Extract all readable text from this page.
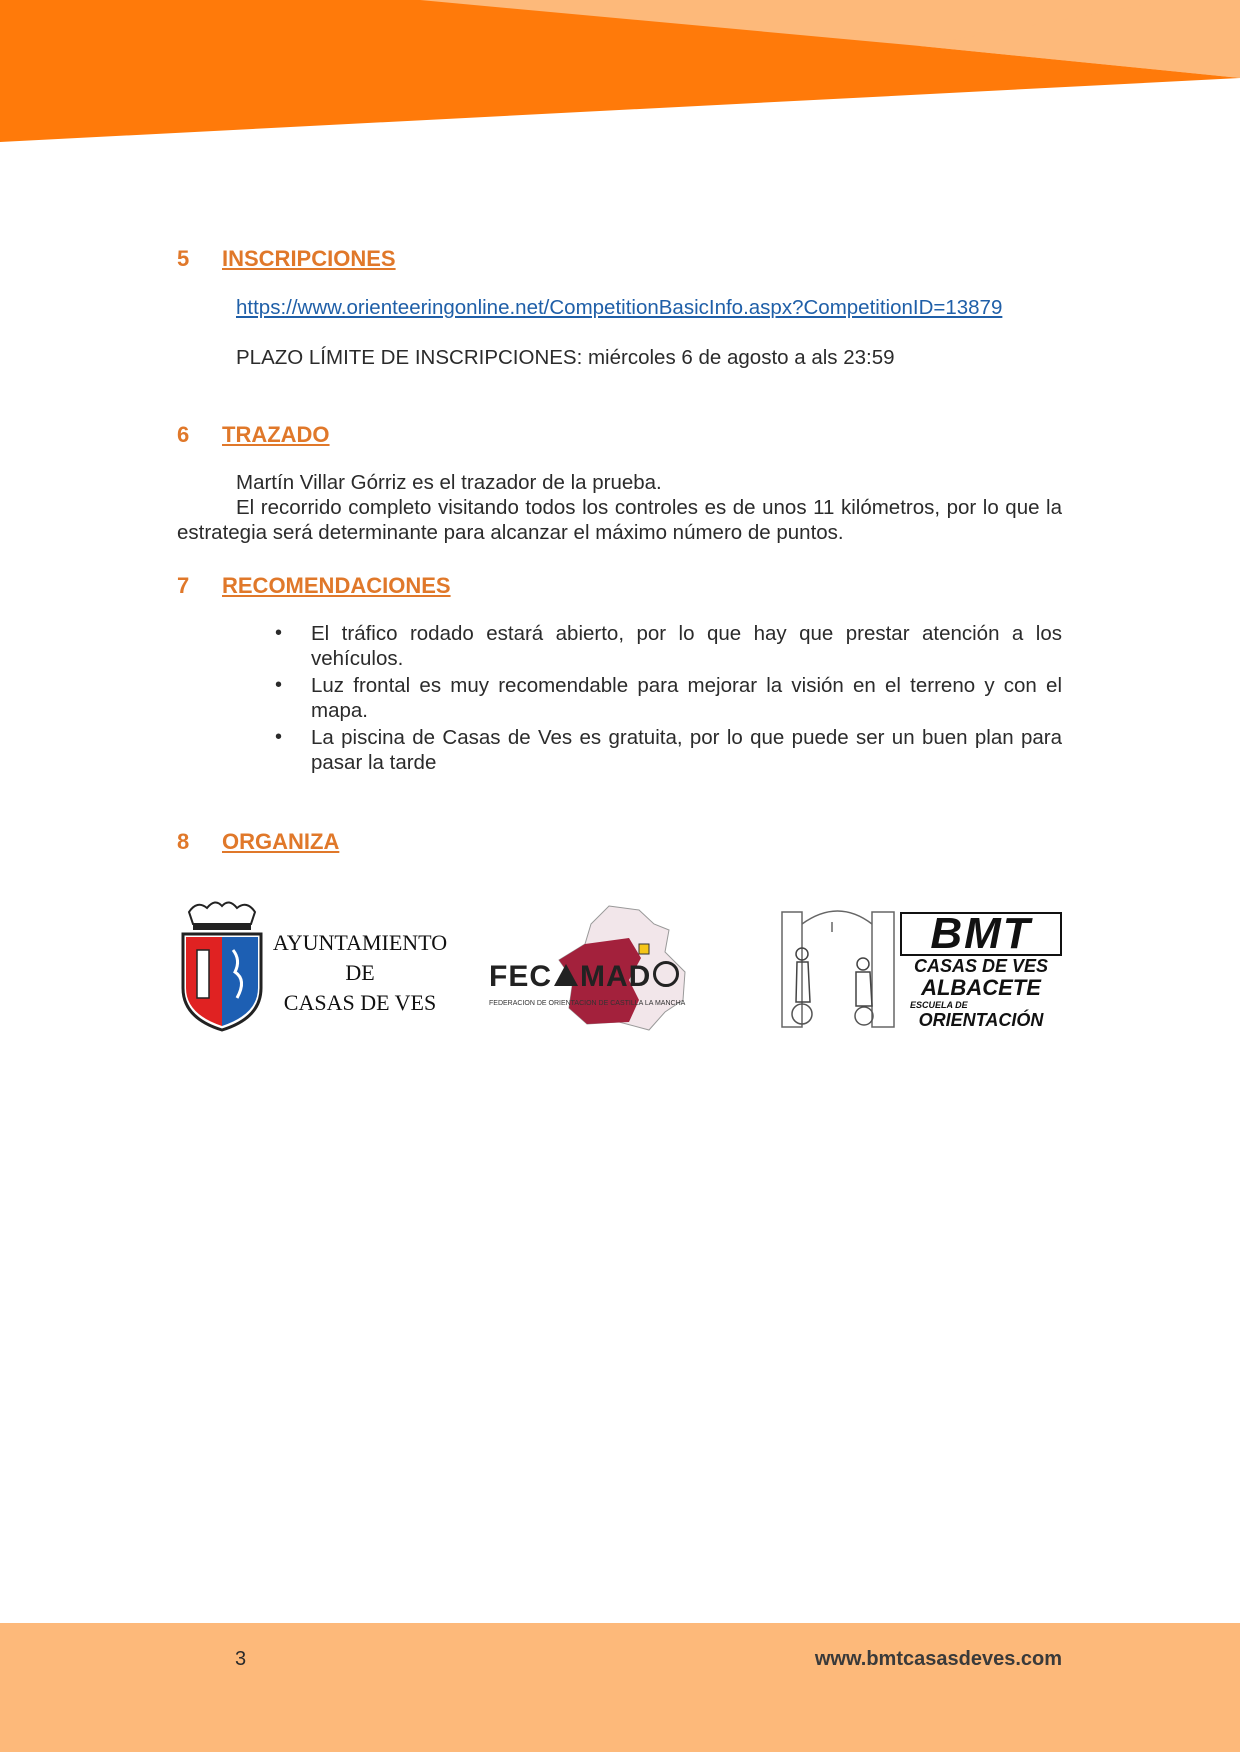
5	INSCRIPCIONES
https://www.orienteeringonline.net/CompetitionBasicInfo.aspx?CompetitionID=13879
PLAZO LÍMITE DE INSCRIPCIONES: miércoles 6 de agosto a als 23:59
6	TRAZADO
Martín Villar Górriz es el trazador de la prueba.
El recorrido completo visitando todos los controles es de unos 11 kilómetros, por lo que la estrategia será determinante para alcanzar el máximo número de puntos.
7	RECOMENDACIONES
• El tráfico rodado estará abierto, por lo que hay que prestar atención a los vehículos.
• Luz frontal es muy recomendable para mejorar la visión en el terreno y con el mapa.
• La piscina de Casas de Ves es gratuita, por lo que puede ser un buen plan para pasar la tarde
8	ORGANIZA
AYUNTAMIENTO
DE
CASAS DE VES
FEC MAD
FEDERACION DE ORIENTACION DE CASTILLA LA MANCHA
BMT
CASAS DE VES
ALBACETE
ESCUELA DE
ORIENTACIÓN
3	www.bmtcasasdeves.com
